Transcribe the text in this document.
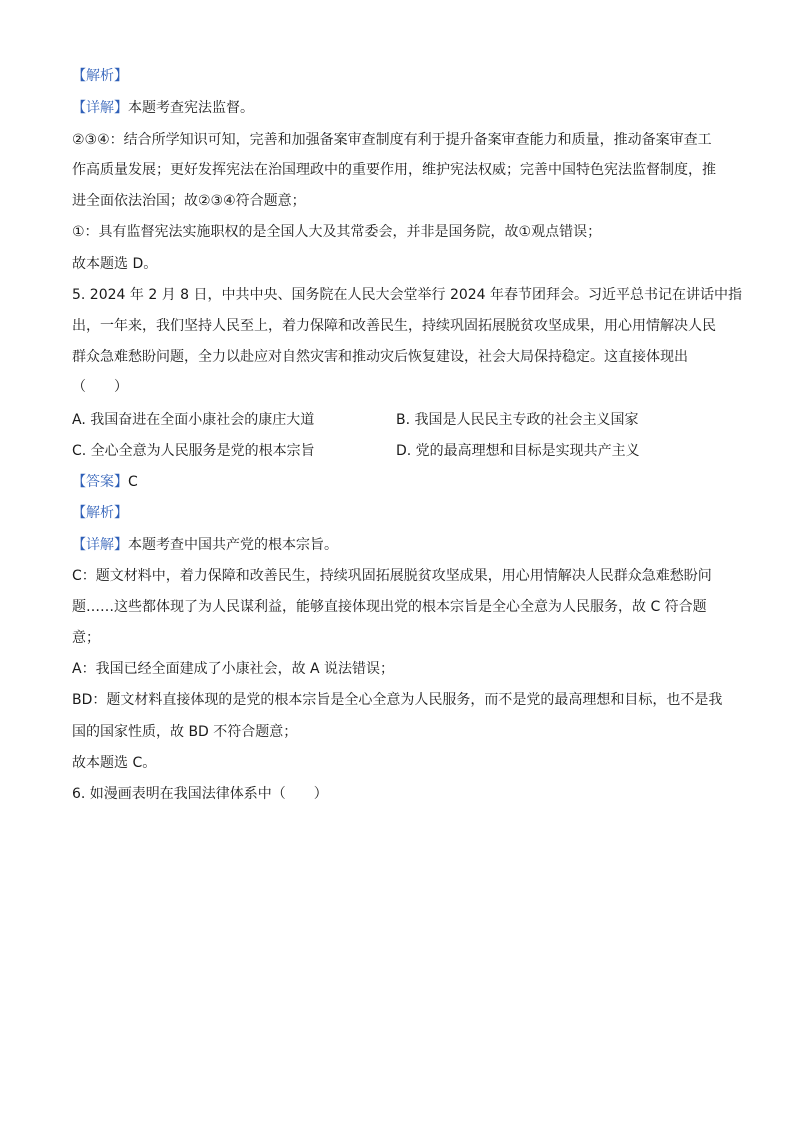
【解析】
【详解】本题考查宪法监督。
②③④：结合所学知识可知，完善和加强备案审查制度有利于提升备案审查能力和质量，推动备案审查工
作高质量发展；更好发挥宪法在治国理政中的重要作用，维护宪法权威；完善中国特色宪法监督制度，推
进全面依法治国；故②③④符合题意；
①：具有监督宪法实施职权的是全国人大及其常委会，并非是国务院，故①观点错误；
故本题选 D。
5. 2024 年 2 月 8 日，中共中央、国务院在人民大会堂举行 2024 年春节团拜会。习近平总书记在讲话中指
出，一年来，我们坚持人民至上，着力保障和改善民生，持续巩固拓展脱贫攻坚成果，用心用情解决人民
群众急难愁盼问题，全力以赴应对自然灾害和推动灾后恢复建设，社会大局保持稳定。这直接体现出
（　　）
A. 我国奋进在全面小康社会的康庄大道	B. 我国是人民民主专政的社会主义国家
C. 全心全意为人民服务是党的根本宗旨	D. 党的最高理想和目标是实现共产主义
【答案】C
【解析】
【详解】本题考查中国共产党的根本宗旨。
C：题文材料中，着力保障和改善民生，持续巩固拓展脱贫攻坚成果，用心用情解决人民群众急难愁盼问
题……这些都体现了为人民谋利益，能够直接体现出党的根本宗旨是全心全意为人民服务，故 C 符合题
意；
A：我国已经全面建成了小康社会，故 A 说法错误；
BD：题文材料直接体现的是党的根本宗旨是全心全意为人民服务，而不是党的最高理想和目标，也不是我
国的国家性质，故 BD 不符合题意；
故本题选 C。
6. 如漫画表明在我国法律体系中（　　）
